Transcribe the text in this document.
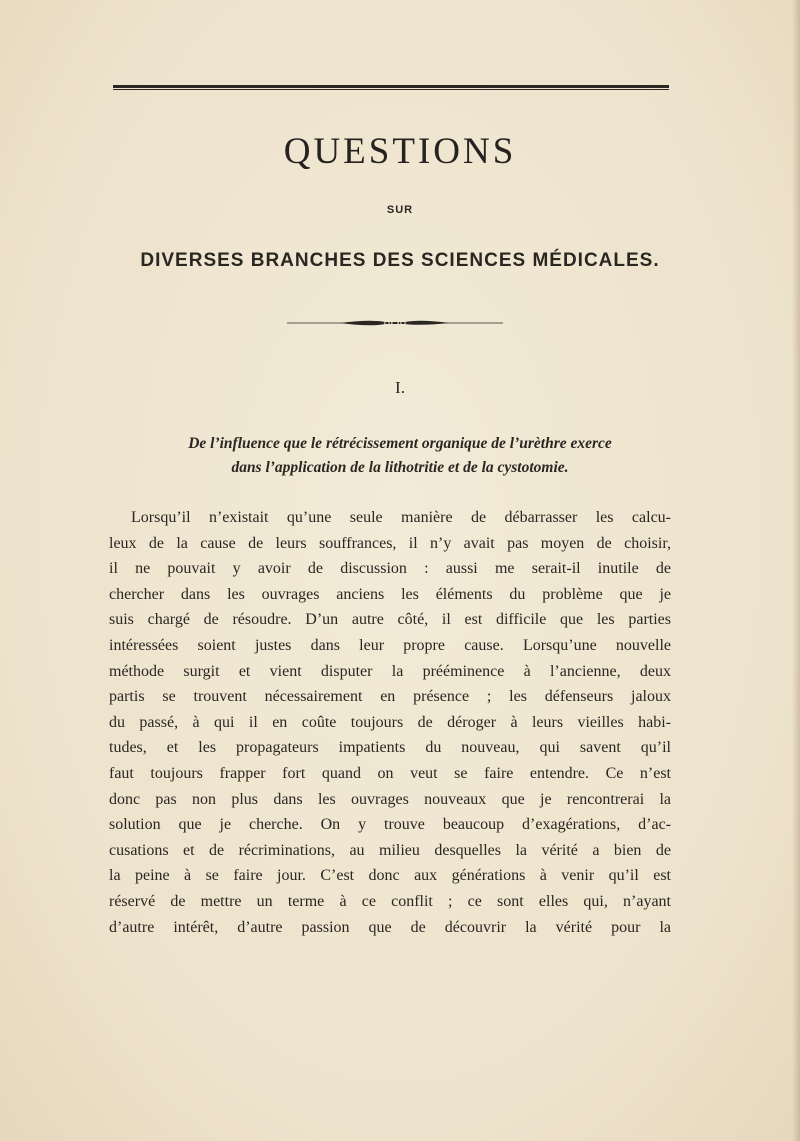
QUESTIONS
SUR
DIVERSES BRANCHES DES SCIENCES MÉDICALES.
I.
De l’influence que le rétrécissement organique de l’urèthre exerce
dans l’application de la lithotritie et de la cystotomie.
Lorsqu’il n’existait qu’une seule manière de débarrasser les calcu-
leux de la cause de leurs souffrances, il n’y avait pas moyen de choisir,
il ne pouvait y avoir de discussion : aussi me serait-il inutile de
chercher dans les ouvrages anciens les éléments du problème que je
suis chargé de résoudre. D’un autre côté, il est difficile que les parties
intéressées soient justes dans leur propre cause. Lorsqu’une nouvelle
méthode surgit et vient disputer la prééminence à l’ancienne, deux
partis se trouvent nécessairement en présence ; les défenseurs jaloux
du passé, à qui il en coûte toujours de déroger à leurs vieilles habi-
tudes, et les propagateurs impatients du nouveau, qui savent qu’il
faut toujours frapper fort quand on veut se faire entendre. Ce n’est
donc pas non plus dans les ouvrages nouveaux que je rencontrerai la
solution que je cherche. On y trouve beaucoup d’exagérations, d’ac-
cusations et de récriminations, au milieu desquelles la vérité a bien de
la peine à se faire jour. C’est donc aux générations à venir qu’il est
réservé de mettre un terme à ce conflit ; ce sont elles qui, n’ayant
d’autre intérêt, d’autre passion que de découvrir la vérité pour la
